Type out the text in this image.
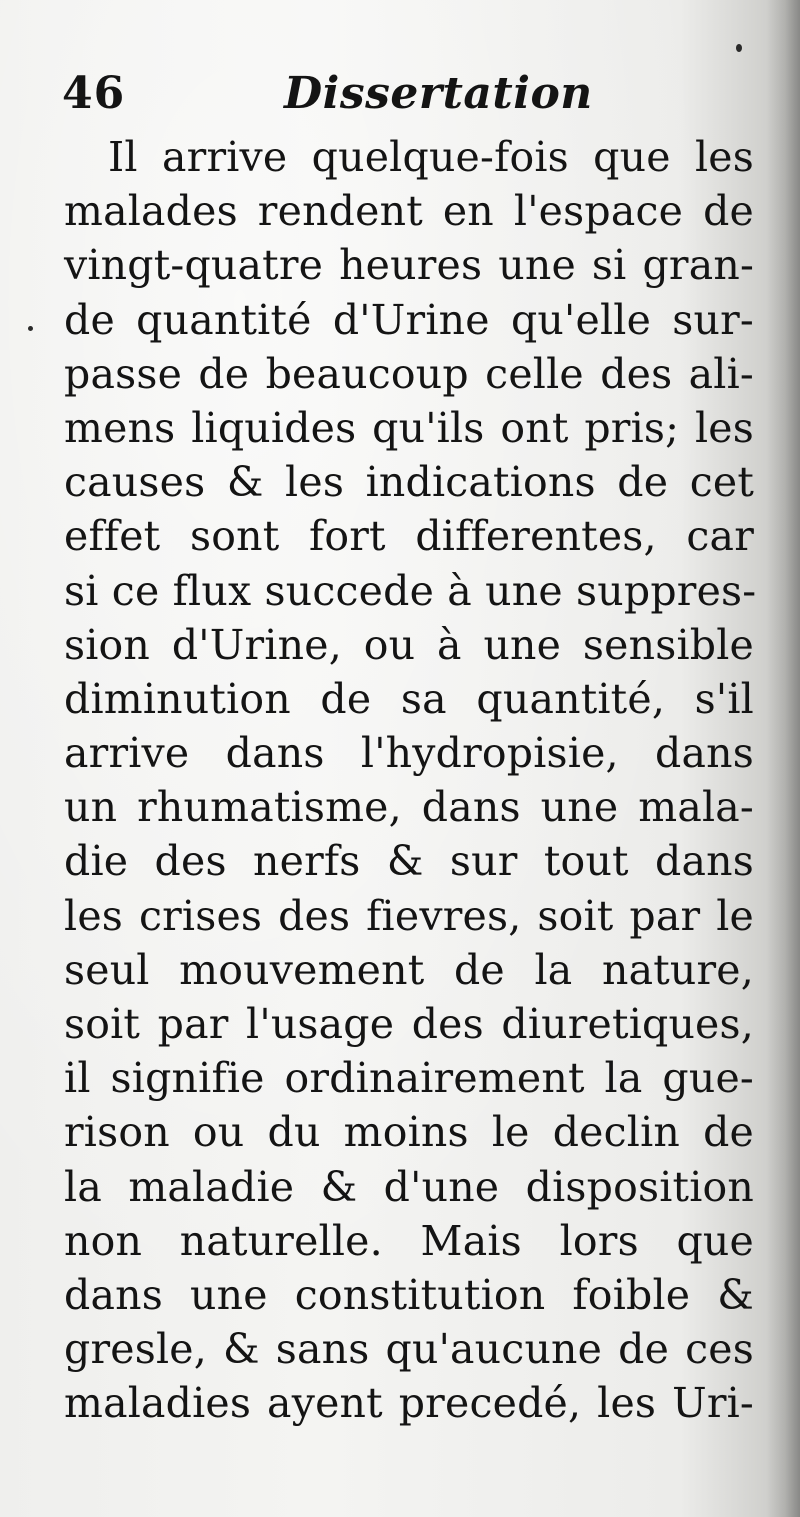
46	Dissertation
Il arrive quelque-fois que les
malades rendent en l'espace de
vingt-quatre heures une si gran-
de quantité d'Urine qu'elle sur-
passe de beaucoup celle des ali-
mens liquides qu'ils ont pris; les
causes & les indications de cet
effet sont fort differentes, car
si ce flux succede à une suppres-
sion d'Urine, ou à une sensible
diminution de sa quantité, s'il
arrive dans l'hydropisie, dans
un rhumatisme, dans une mala-
die des nerfs & sur tout dans
les crises des fievres, soit par le
seul mouvement de la nature,
soit par l'usage des diuretiques,
il signifie ordinairement la gue-
rison ou du moins le declin de
la maladie & d'une disposition
non naturelle. Mais lors que
dans une constitution foible &
gresle, & sans qu'aucune de ces
maladies ayent precedé, les Uri-
